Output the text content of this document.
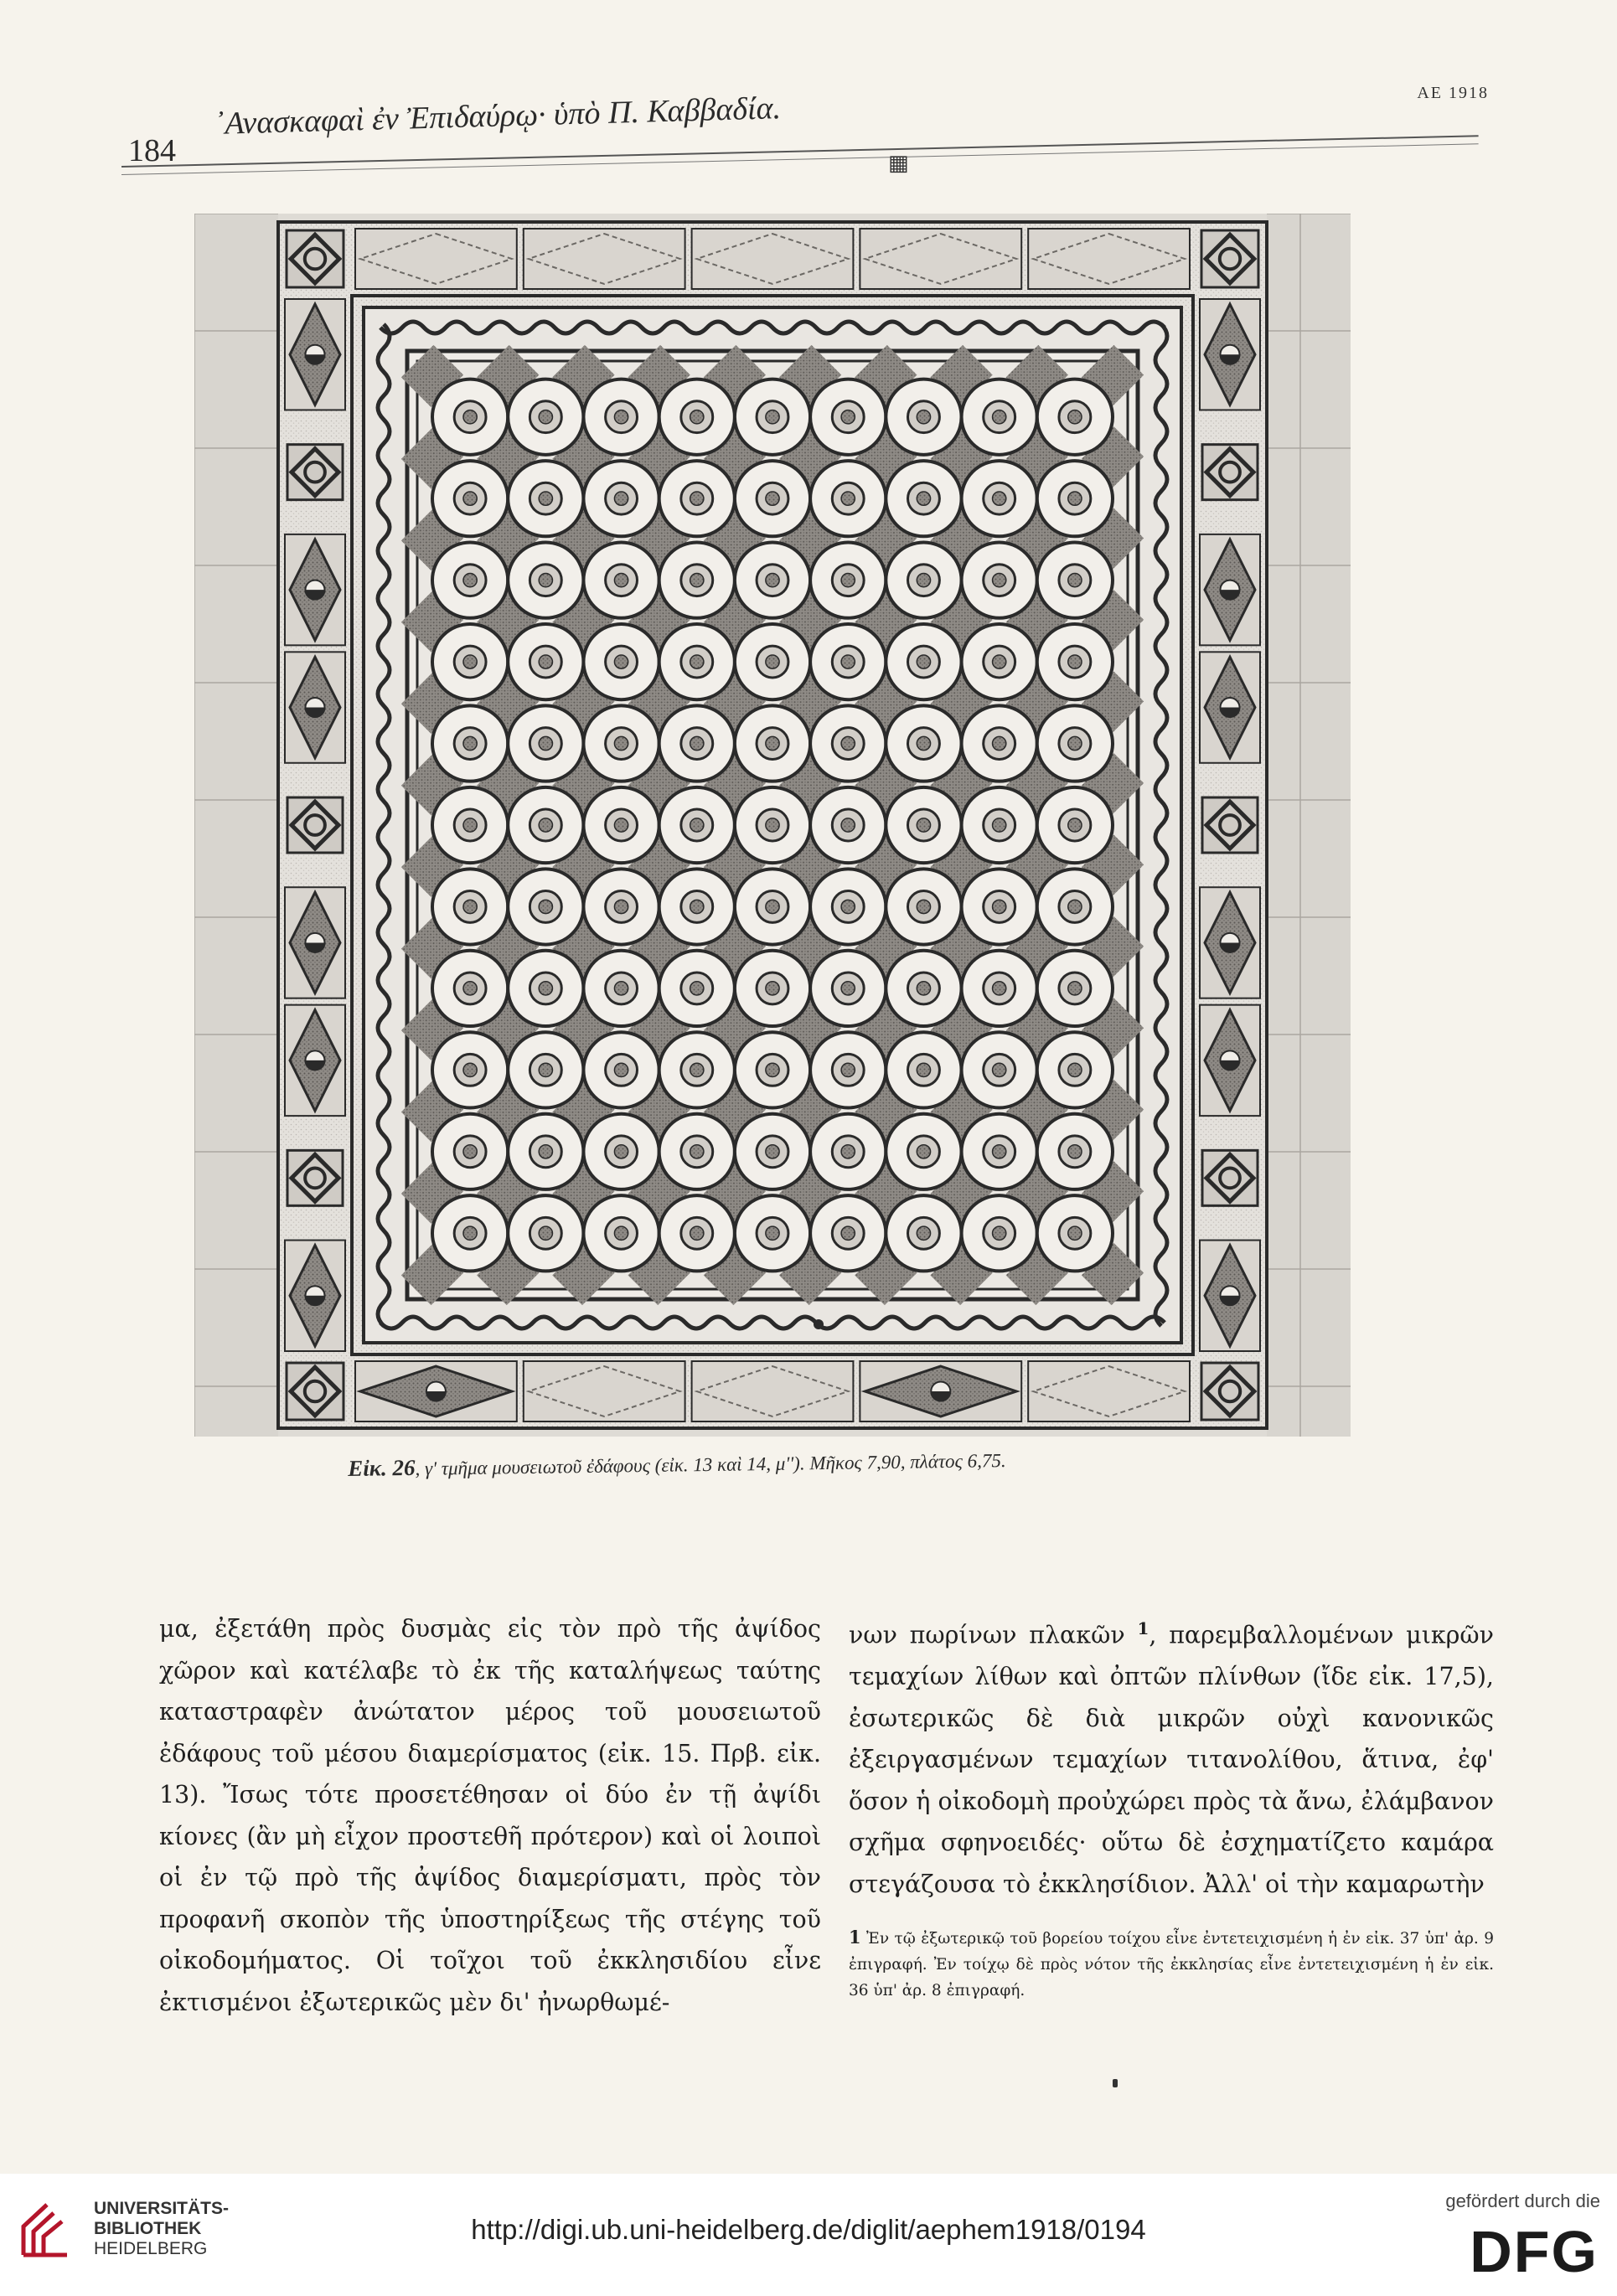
184
᾿Ανασκαφαὶ ἐν Ἐπιδαύρῳ· ὑπὸ Π. Καββαδία.	ΑΕ 1918
▦
Εἰκ. 26, γ' τμῆμα μουσειωτοῦ ἐδάφους (εἰκ. 13 καὶ 14, μ''). Μῆκος 7,90, πλάτος 6,75.

μα, ἐξετάθη πρὸς δυσμὰς εἰς τὸν πρὸ τῆς ἀψίδος χῶρον καὶ κατέλαβε τὸ ἐκ τῆς καταλήψεως ταύτης καταστραφὲν ἀνώτατον μέρος τοῦ μουσειωτοῦ ἐδάφους τοῦ μέσου διαμερίσματος (εἰκ. 15. Πρβ. εἰκ. 13). Ἴσως τότε προσετέθησαν οἱ δύο ἐν τῇ ἀψίδι κίονες (ἂν μὴ εἶχον προστεθῆ πρότερον) καὶ οἱ λοιποὶ οἱ ἐν τῷ πρὸ τῆς ἀψίδος διαμερίσματι, πρὸς τὸν προφανῆ σκοπὸν τῆς ὑποστηρίξεως τῆς στέγης τοῦ οἰκοδομήματος. Οἱ τοῖχοι τοῦ ἐκκλησιδίου εἶνε ἐκτισμένοι ἐξωτερικῶς μὲν δι' ἠνωρθωμέ-

νων πωρίνων πλακῶν $^1$, παρεμβαλλομένων μικρῶν τεμαχίων λίθων καὶ ὀπτῶν πλίνθων (ἴδε εἰκ. 17,5), ἐσωτερικῶς δὲ διὰ μικρῶν οὐχὶ κανονικῶς ἐξειργασμένων τεμαχίων τιτανολίθου, ἅτινα, ἐφ' ὅσον ἡ οἰκοδομὴ προὐχώρει πρὸς τὰ ἄνω, ἐλάμβανον σχῆμα σφηνοειδές· οὕτω δὲ ἐσχηματίζετο καμάρα στεγάζουσα τὸ ἐκκλησίδιον. Ἀλλ' οἱ τὴν καμαρωτὴν

1 Ἐν τῷ ἐξωτερικῷ τοῦ βορείου τοίχου εἶνε ἐντετειχισμένη ἡ ἐν εἰκ. 37 ὑπ' ἀρ. 9 ἐπιγραφή. Ἐν τοίχῳ δὲ πρὸς νότον τῆς ἐκκλησίας εἶνε ἐντετειχισμένη ἡ ἐν εἰκ. 36 ὑπ' ἀρ. 8 ἐπιγραφή.
UNIVERSITÄTS-
BIBLIOTHEK
HEIDELBERG
http://digi.ub.uni-heidelberg.de/diglit/aephem1918/0194
gefördert durch die
DFG
